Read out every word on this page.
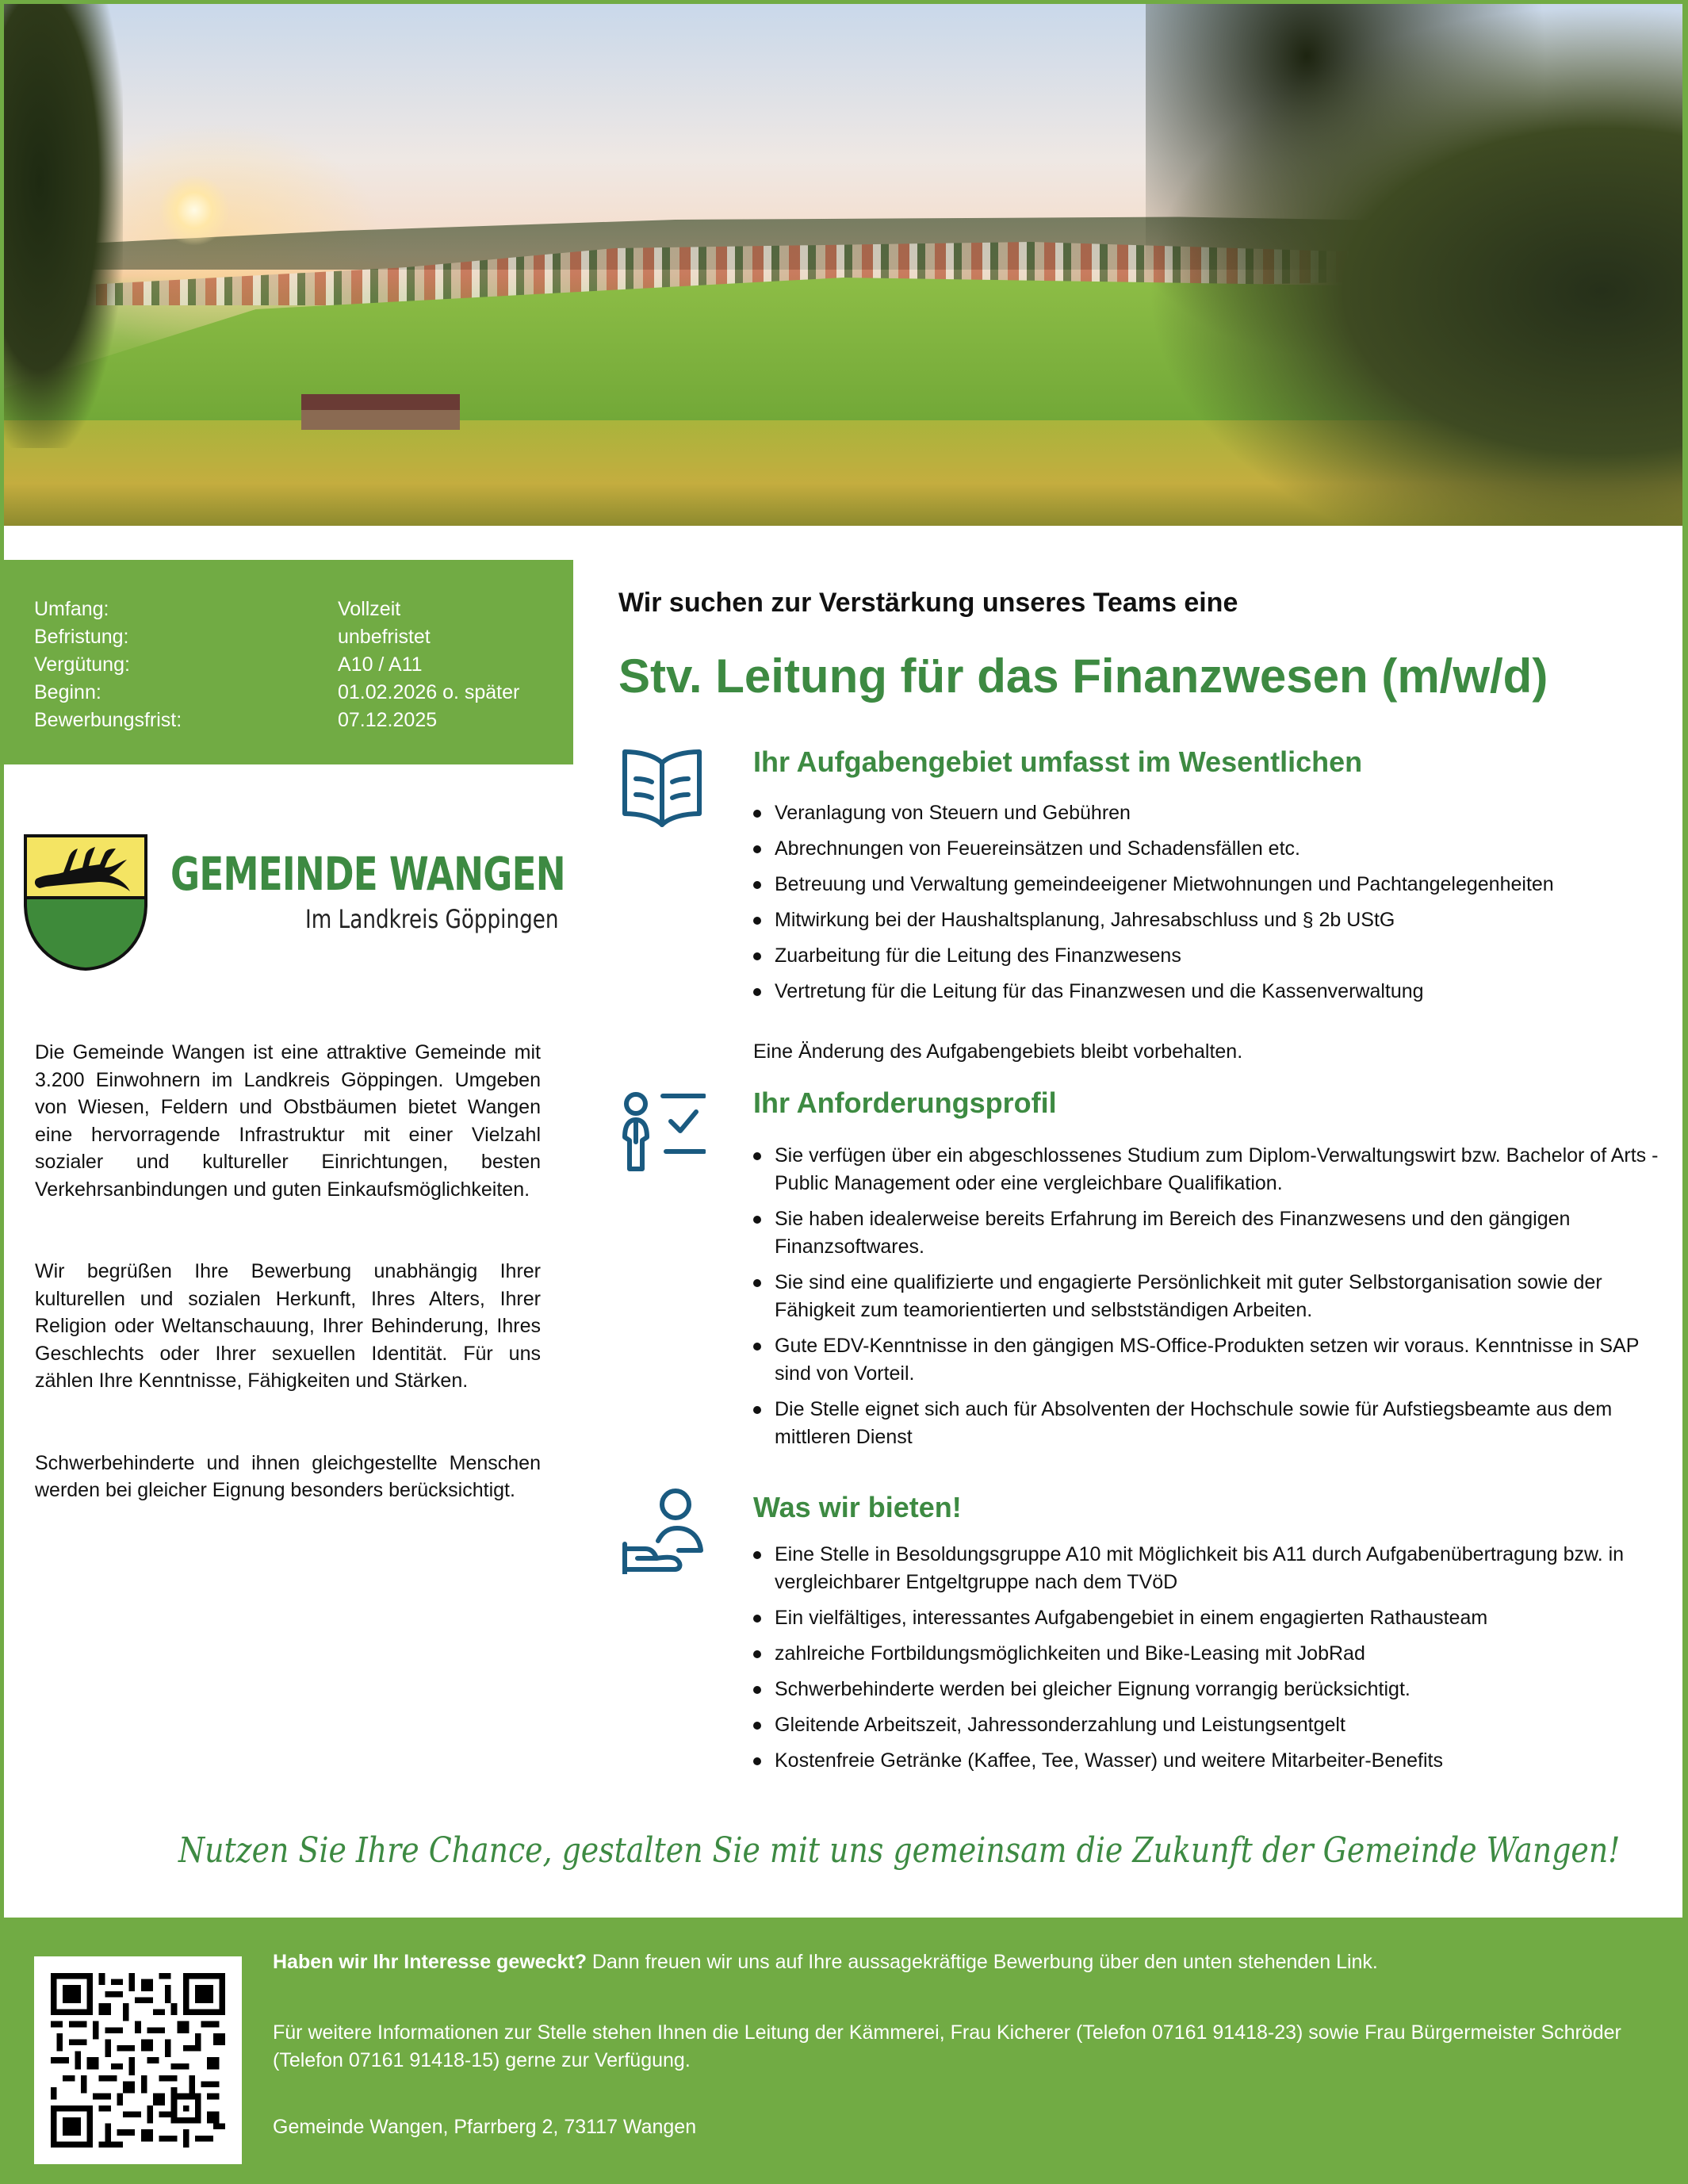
Umfang:	Vollzeit
Befristung:	unbefristet
Vergütung:	A10 / A11
Beginn:	01.02.2026 o. später
Bewerbungsfrist:	07.12.2025
GEMEINDE WANGEN
Im Landkreis Göppingen

Die Gemeinde Wangen ist eine attraktive Gemeinde mit 3.200 Einwohnern im Landkreis Göppingen. Umgeben von Wiesen, Feldern und Obstbäumen bietet Wangen eine hervorragende Infrastruktur mit einer Vielzahl sozialer und kultureller Einrichtungen, besten Verkehrsanbindungen und guten Einkaufsmöglichkeiten.

Wir begrüßen Ihre Bewerbung unabhängig Ihrer kulturellen und sozialen Herkunft, Ihres Alters, Ihrer Religion oder Weltanschauung, Ihrer Behinderung, Ihres Geschlechts oder Ihrer sexuellen Identität. Für uns zählen Ihre Kenntnisse, Fähigkeiten und Stärken.

Schwerbehinderte und ihnen gleichgestellte Menschen werden bei gleicher Eignung besonders berücksichtigt.

Wir suchen zur Verstärkung unseres Teams eine
Stv. Leitung für das Finanzwesen (m/w/d)
Ihr Aufgabengebiet umfasst im Wesentlichen
Veranlagung von Steuern und Gebühren
Abrechnungen von Feuereinsätzen und Schadensfällen etc.
Betreuung und Verwaltung gemeindeeigener Mietwohnungen und Pachtangelegenheiten
Mitwirkung bei der Haushaltsplanung, Jahresabschluss und § 2b UStG
Zuarbeitung für die Leitung des Finanzwesens
Vertretung für die Leitung für das Finanzwesen und die Kassenverwaltung
Eine Änderung des Aufgabengebiets bleibt vorbehalten.
Ihr Anforderungsprofil
Sie verfügen über ein abgeschlossenes Studium zum Diplom-Verwaltungswirt bzw. Bachelor of Arts - Public Management oder eine vergleichbare Qualifikation.
Sie haben idealerweise bereits Erfahrung im Bereich des Finanzwesens und den gängigen Finanzsoftwares.
Sie sind eine qualifizierte und engagierte Persönlichkeit mit guter Selbstorganisation sowie der Fähigkeit zum teamorientierten und selbstständigen Arbeiten.
Gute EDV-Kenntnisse in den gängigen MS-Office-Produkten setzen wir voraus. Kenntnisse in SAP sind von Vorteil.
Die Stelle eignet sich auch für Absolventen der Hochschule sowie für Aufstiegsbeamte aus dem mittleren Dienst
Was wir bieten!
Eine Stelle in Besoldungsgruppe A10 mit Möglichkeit bis A11 durch Aufgabenübertragung bzw. in vergleichbarer Entgeltgruppe nach dem TVöD
Ein vielfältiges, interessantes Aufgabengebiet in einem engagierten Rathausteam
zahlreiche Fortbildungsmöglichkeiten und Bike-Leasing mit JobRad
Schwerbehinderte werden bei gleicher Eignung vorrangig berücksichtigt.
Gleitende Arbeitszeit, Jahressonderzahlung und Leistungsentgelt
Kostenfreie Getränke (Kaffee, Tee, Wasser) und weitere Mitarbeiter-Benefits
Nutzen Sie Ihre Chance, gestalten Sie mit uns gemeinsam die Zukunft der Gemeinde Wangen!
Haben wir Ihr Interesse geweckt? Dann freuen wir uns auf Ihre aussagekräftige Bewerbung über den unten stehenden Link.
Für weitere Informationen zur Stelle stehen Ihnen die Leitung der Kämmerei, Frau Kicherer (Telefon 07161 91418-23) sowie Frau Bürgermeister Schröder (Telefon 07161 91418-15) gerne zur Verfügung.
Gemeinde Wangen, Pfarrberg 2, 73117 Wangen
